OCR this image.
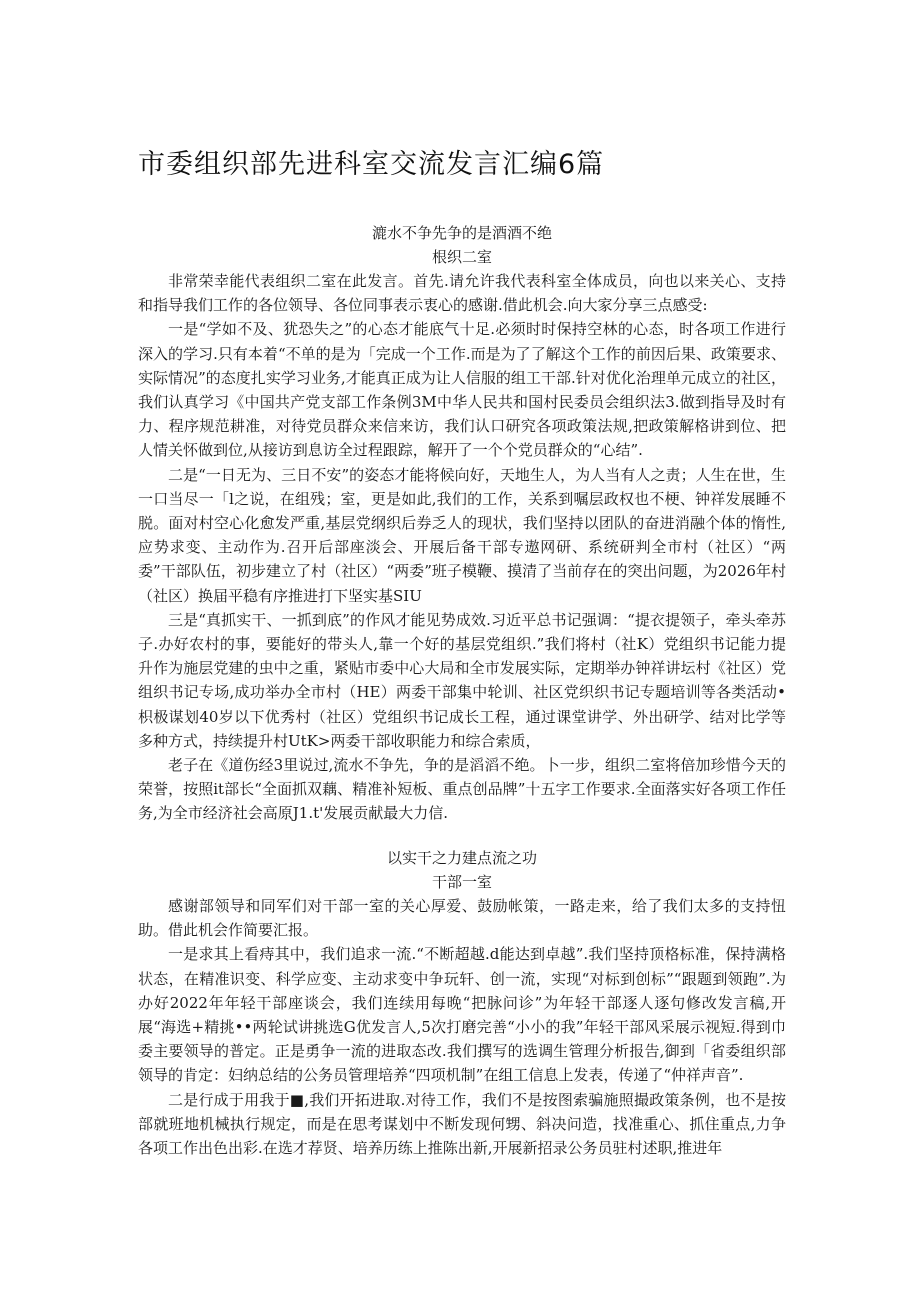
市委组织部先进科室交流发言汇编6篇
漉水不争先争的是酒酒不绝
根织二室

非常荣幸能代表组织二室在此发言。首先.请允许我代表科室全体成员，向也以来关心、支持和指导我们工作的各位领导、各位同事表示衷心的感谢.借此机会.向大家分享三点感受:

一是“学如不及、犹恐失之”的心态才能底气十足.必须时时保持空林的心态，时各项工作进行深入的学习.只有本着“不单的是为「完成一个工作.而是为了了解这个工作的前因后果、政策要求、实际情况”的态度扎实学习业务,才能真正成为让人信服的组工干部.针对优化治理单元成立的社区，我们认真学习《中国共产党支部工作条例3M中华人民共和国村民委员会组织法3.做到指导及时有力、程序规范耕准，对待党员群众来信来访，我们认口研究各项政策法规,把政策解格讲到位、把人情关怀做到位,从接访到息访全过程跟踪，解开了一个个党员群众的“心结”.

二是“一日无为、三日不安”的姿态才能将候向好，天地生人，为人当有人之责；人生在世，生一口当尽一「l之说，在组残；室，更是如此,我们的工作，关系到嘱层政权也不梗、钟祥发展睡不脱。面对村空心化愈发严重,基层党纲织后券乏人的现状，我们坚持以团队的奋进消融个体的惰性,应势求变、主动作为.召开后部座淡会、开展后备干部专遨网研、系统研判全市村（社区）“两委”干部队伍，初步建立了村（社区）“两委”班子模鞭、摸清了当前存在的突出问题，为2026年村（社区）换届平稳有序推进打下坚实基SIU

三是“真抓实干、一抓到底”的作风才能见势成效.习近平总书记强调：“提衣提领子，牵头牵苏子.办好农村的事，要能好的带头人,靠一个好的基层党组织.”我们将村（社K）党组织书记能力提升作为施层党建的虫中之重，紧贴市委中心大局和全市发展实际，定期举办钟祥讲坛村《社区）党组织书记专场,成功举办全市村（HE）两委干部集中轮训、社区党织织书记专题培训等各类活动•枳极谋划40岁以下优秀村（社区）党组织书记成长工程，通过课堂讲学、外出研学、结对比学等多种方式，持续提升村UtK>两委干部收职能力和综合索质，

老子在《道伤经3里说过,流水不争先，争的是滔滔不绝。卜一步，组织二室将倍加珍惜今天的荣誉，按照it部长“全面抓双藕、精准补短板、重点创品牌”十五字工作要求.全面落实好各项工作任务,为全市经济社会高原J1.t'发展贡献最大力信.

以实干之力建点流之功
干部一室

感谢部领导和同军们对干部一室的关心厚爱、鼓励帐策，一路走来，给了我们太多的支持忸助。借此机会作简要汇报。

一是求其上看痔其中，我们追求一流.“不断超越.d能达到卓越”.我们坚持顶格标准，保持满格状态，在精准识变、科学应变、主动求变中争玩轩、创一流，实现“对标到创标”“跟题到领跑”.为办好2022年年轻干部座谈会，我们连续用每晚“把脉问诊”为年轻干部逐人逐句修改发言稿,开展“海选+精挑••两轮试讲挑选G优发言人,5次打磨完善“小小的我”年轻干部风采展示视短.得到巾委主要领导的普定。正是勇争一流的进取态改.我们撰写的选调生管理分析报告,御到「省委组织部领导的肯定：妇纳总结的公务员管理培养“四项机制”在组工信息上发表，传递了“仲祥声音”.

二是行成于用我于■,我们开拓进取.对待工作，我们不是按图索骗施照撮政策条例，也不是按部就班地机械执行规定，而是在思考谋划中不断发现何甥、斜决问造，找准重心、抓住重点,力争各项工作出色出彩.在选才荐贤、培养历练上推陈出新,开展新招录公务员驻村述职,推进年
